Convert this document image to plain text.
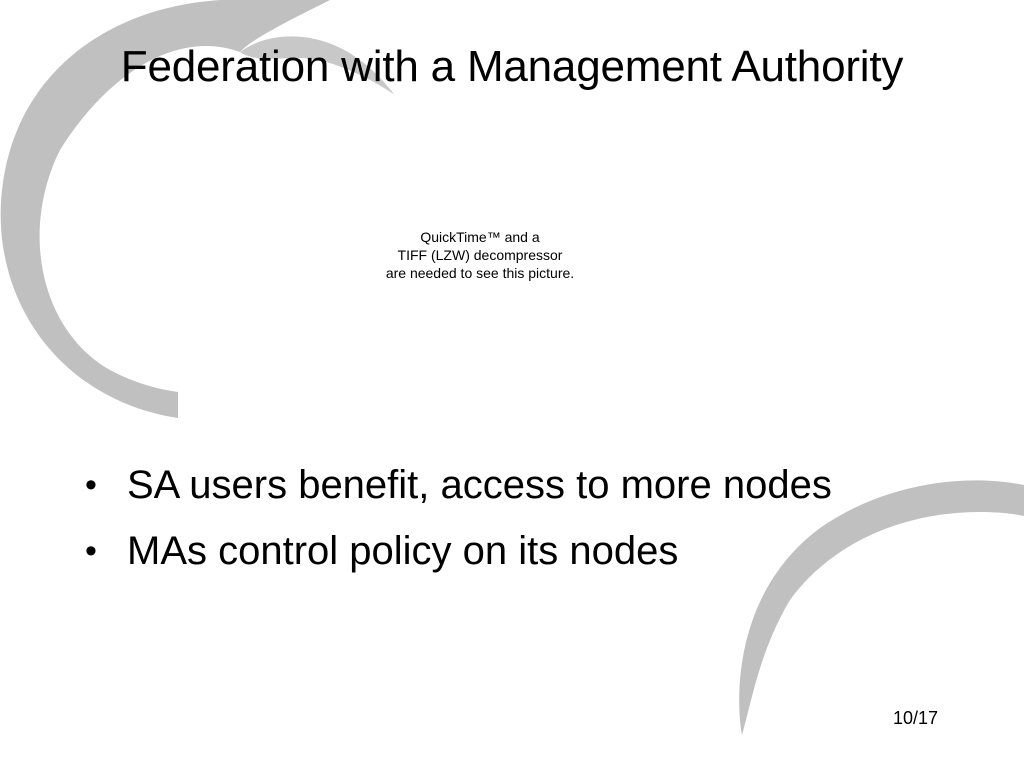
Federation with a Management Authority
QuickTime™ and a
TIFF (LZW) decompressor
are needed to see this picture.
• SA users benefit, access to more nodes
• MAs control policy on its nodes
10/17
